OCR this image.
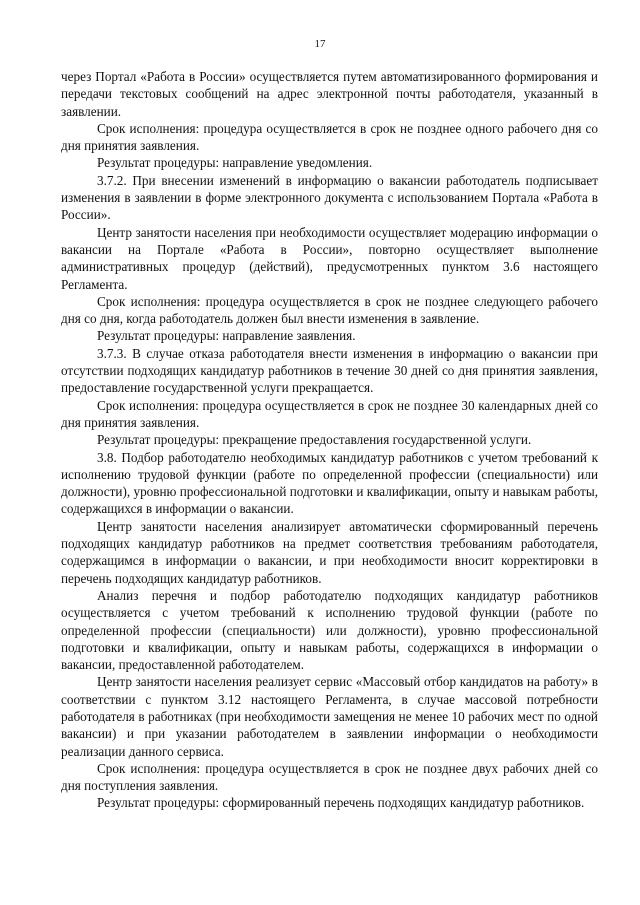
17

через Портал «Работа в России» осуществляется путем автоматизированного формирования и передачи текстовых сообщений на адрес электронной почты работодателя, указанный в заявлении.

Срок исполнения: процедура осуществляется в срок не позднее одного рабочего дня со дня принятия заявления.

Результат процедуры: направление уведомления.

3.7.2. При внесении изменений в информацию о вакансии работодатель подписывает изменения в заявлении в форме электронного документа с использованием Портала «Работа в России».

Центр занятости населения при необходимости осуществляет модерацию информации о вакансии на Портале «Работа в России», повторно осуществляет выполнение административных процедур (действий), предусмотренных пунктом 3.6 настоящего Регламента.

Срок исполнения: процедура осуществляется в срок не позднее следующего рабочего дня со дня, когда работодатель должен был внести изменения в заявление.

Результат процедуры: направление заявления.

3.7.3. В случае отказа работодателя внести изменения в информацию о вакансии при отсутствии подходящих кандидатур работников в течение 30 дней со дня принятия заявления, предоставление государственной услуги прекращается.

Срок исполнения: процедура осуществляется в срок не позднее 30 календарных дней со дня принятия заявления.

Результат процедуры: прекращение предоставления государственной услуги.

3.8. Подбор работодателю необходимых кандидатур работников с учетом требований к исполнению трудовой функции (работе по определенной профессии (специальности) или должности), уровню профессиональной подготовки и квалификации, опыту и навыкам работы, содержащихся в информации о вакансии.

Центр занятости населения анализирует автоматически сформированный перечень подходящих кандидатур работников на предмет соответствия требованиям работодателя, содержащимся в информации о вакансии, и при необходимости вносит корректировки в перечень подходящих кандидатур работников.

Анализ перечня и подбор работодателю подходящих кандидатур работников осуществляется с учетом требований к исполнению трудовой функции (работе по определенной профессии (специальности) или должности), уровню профессиональной подготовки и квалификации, опыту и навыкам работы, содержащихся в информации о вакансии, предоставленной работодателем.

Центр занятости населения реализует сервис «Массовый отбор кандидатов на работу» в соответствии с пунктом 3.12 настоящего Регламента, в случае массовой потребности работодателя в работниках (при необходимости замещения не менее 10 рабочих мест по одной вакансии) и при указании работодателем в заявлении информации о необходимости реализации данного сервиса.

Срок исполнения: процедура осуществляется в срок не позднее двух рабочих дней со дня поступления заявления.

Результат процедуры: сформированный перечень подходящих кандидатур работников.
